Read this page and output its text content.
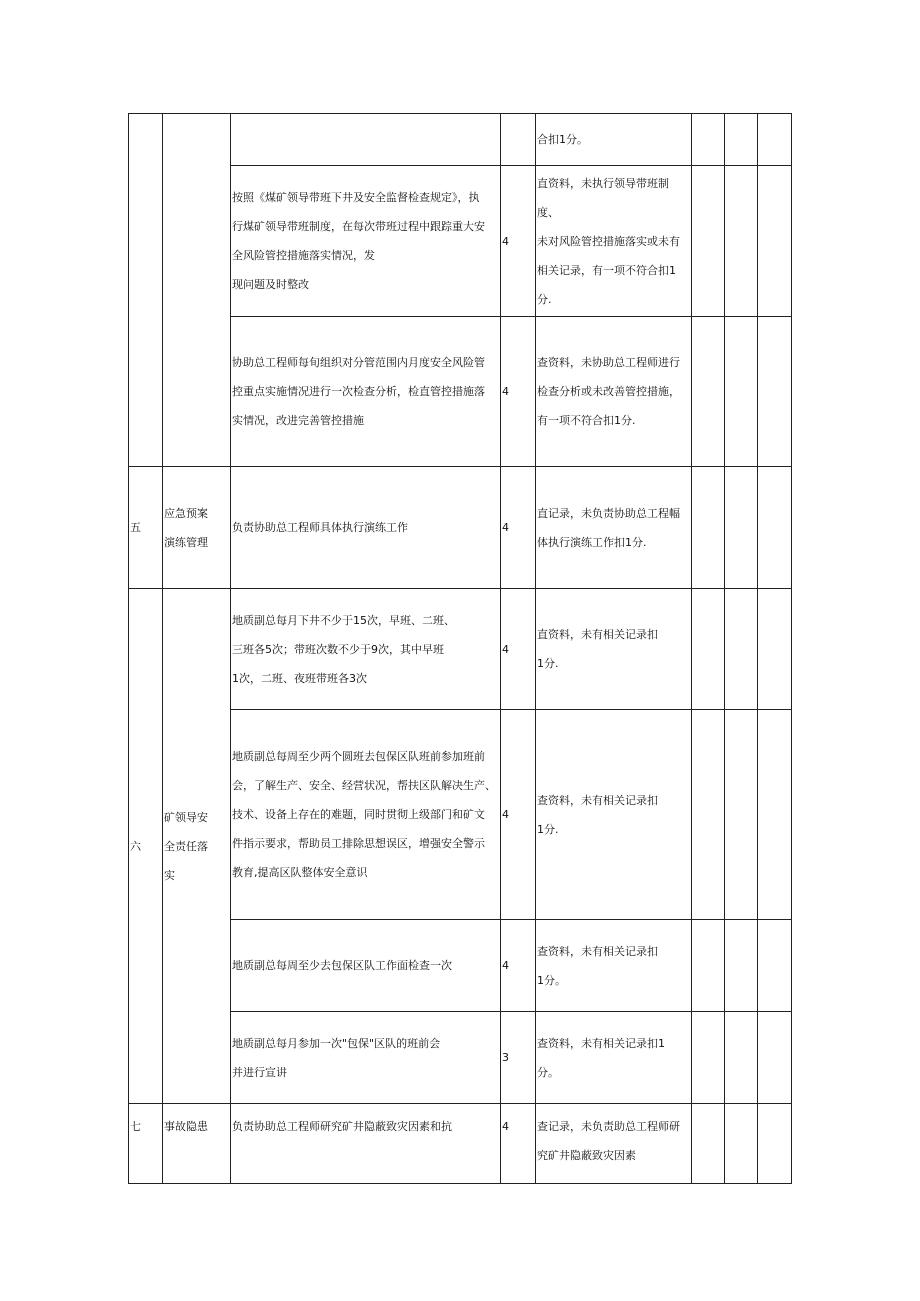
				合扣1分。			

		按照《煤矿领导带班下井及安全监督检查规定》，执
行煤矿领导带班制度，在每次带班过程中跟踪重大安
全风险管控措施落实情况，发
现问题及时整改	4	直资料，未执行领导带班制度、
未对风险管控措施落实或未有
相关记录，有一项不符合扣1
分.			

		协助总工程师每旬组织对分管范围内月度安全风险管
控重点实施情况进行一次检查分析，检直管控措施落
实情况，改进完善管控措施	4	查资料，未协助总工程师进行
检查分析或未改善管控措施，
有一项不符合扣1分.			

五	应急预案
演练管理	负责协助总工程师具体执行演练工作	4	直记录，未负责协助总工程幅
体执行演练工作扣1分.			

六	矿领导安
全责任落
实	地质副总每月下井不少于15次，早班、二班、
三班各5次；带班次数不少于9次，其中早班
1次，二班、夜班带班各3次	4	直资料，未有相关记录扣
1分.			

		地质副总每周至少两个圆班去包保区队班前参加班前
会，了解生产、安全、经营状况，帮扶区队解决生产、
技术、设备上存在的难题，同时贯彻上级部门和矿文
件指示要求，帮助员工排除思想误区，增强安全警示
教育,提高区队整体安全意识	4	查资料，未有相关记录扣
1分.			

		地质副总每周至少去包保区队工作面检查一次	4	查资料，未有相关记录扣
1分。			

		地质副总每月参加一次"包保"区队的班前会
并进行宣讲	3	查资料，未有相关记录扣1
分。			

七	事故隐患	负责协助总工程师研究矿井隐蔽致灾因素和抗	4	查记录，未负责助总工程师研
究矿井隐蔽致灾因素			
